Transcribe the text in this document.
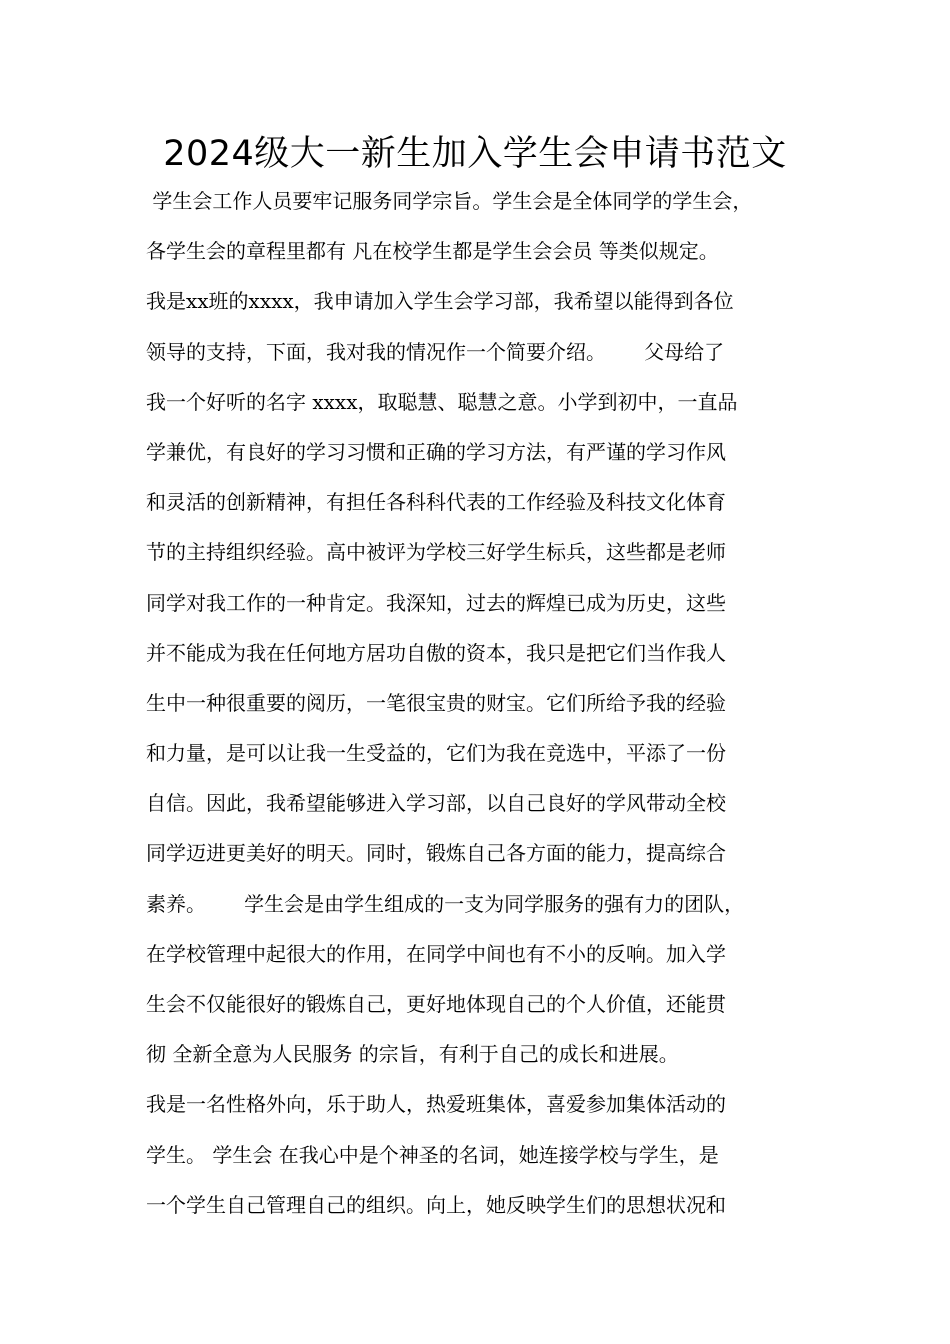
2024级大一新生加入学生会申请书范文
学生会工作人员要牢记服务同学宗旨。学生会是全体同学的学生会，
各学生会的章程里都有 凡在校学生都是学生会会员 等类似规定。
我是xx班的xxxx，我申请加入学生会学习部，我希望以能得到各位
领导的支持，下面，我对我的情况作一个简要介绍。      父母给了
我一个好听的名字 xxxx，取聪慧、聪慧之意。小学到初中，一直品
学兼优，有良好的学习习惯和正确的学习方法，有严谨的学习作风
和灵活的创新精神，有担任各科科代表的工作经验及科技文化体育
节的主持组织经验。高中被评为学校三好学生标兵，这些都是老师
同学对我工作的一种肯定。我深知，过去的辉煌已成为历史，这些
并不能成为我在任何地方居功自傲的资本，我只是把它们当作我人
生中一种很重要的阅历，一笔很宝贵的财宝。它们所给予我的经验
和力量，是可以让我一生受益的，它们为我在竞选中，平添了一份
自信。因此，我希望能够进入学习部，以自己良好的学风带动全校
同学迈进更美好的明天。同时，锻炼自己各方面的能力，提高综合
素养。      学生会是由学生组成的一支为同学服务的强有力的团队，
在学校管理中起很大的作用，在同学中间也有不小的反响。加入学
生会不仅能很好的锻炼自己，更好地体现自己的个人价值，还能贯
彻 全新全意为人民服务 的宗旨，有利于自己的成长和进展。
我是一名性格外向，乐于助人，热爱班集体，喜爱参加集体活动的
学生。 学生会 在我心中是个神圣的名词，她连接学校与学生，是
一个学生自己管理自己的组织。向上，她反映学生们的思想状况和
